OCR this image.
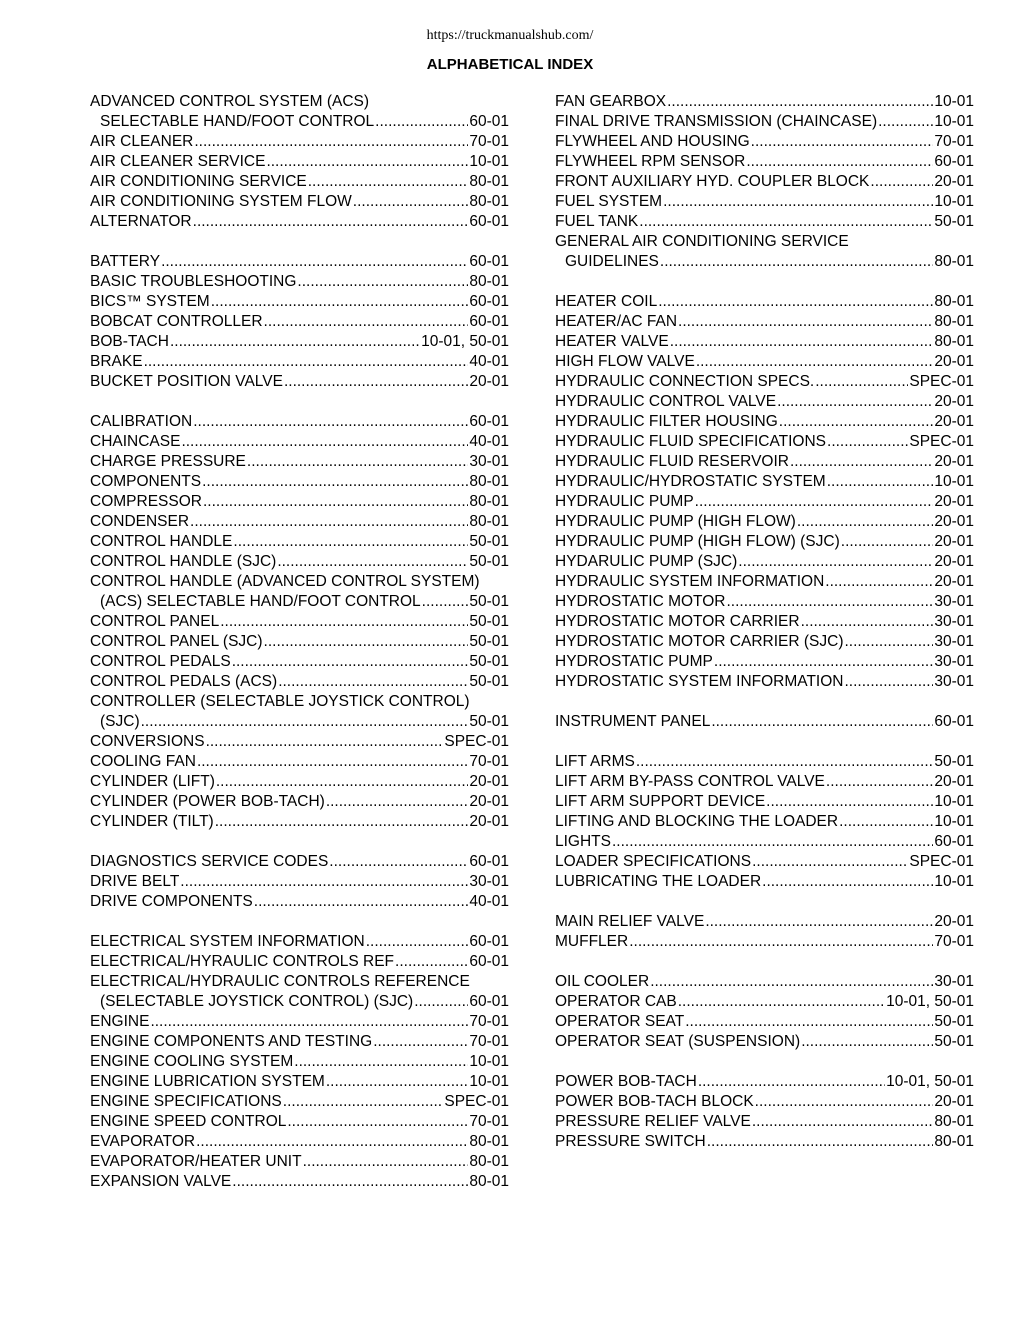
https://truckmanualshub.com/
ALPHABETICAL INDEX
ADVANCED CONTROL SYSTEM (ACS)
SELECTABLE HAND/FOOT CONTROL .....	60-01
AIR CLEANER .....	70-01
AIR CLEANER SERVICE .....	10-01
AIR CONDITIONING SERVICE .....	80-01
AIR CONDITIONING SYSTEM FLOW .....	80-01
ALTERNATOR .....	60-01
BATTERY .....	60-01
BASIC TROUBLESHOOTING .....	80-01
BICS™ SYSTEM .....	60-01
BOBCAT CONTROLLER .....	60-01
BOB-TACH .....	10-01, 50-01
BRAKE .....	40-01
BUCKET POSITION VALVE .....	20-01
CALIBRATION .....	60-01
CHAINCASE .....	40-01
CHARGE PRESSURE .....	30-01
COMPONENTS .....	80-01
COMPRESSOR .....	80-01
CONDENSER .....	80-01
CONTROL HANDLE .....	50-01
CONTROL HANDLE (SJC) .....	50-01
CONTROL HANDLE (ADVANCED CONTROL SYSTEM)
(ACS) SELECTABLE HAND/FOOT CONTROL .....	50-01
CONTROL PANEL .....	50-01
CONTROL PANEL (SJC) .....	50-01
CONTROL PEDALS .....	50-01
CONTROL PEDALS (ACS) .....	50-01
CONTROLLER (SELECTABLE JOYSTICK CONTROL)
(SJC) .....	50-01
CONVERSIONS .....	SPEC-01
COOLING FAN .....	70-01
CYLINDER (LIFT) .....	20-01
CYLINDER (POWER BOB-TACH) .....	20-01
CYLINDER (TILT) .....	20-01
DIAGNOSTICS SERVICE CODES .....	60-01
DRIVE BELT .....	30-01
DRIVE COMPONENTS .....	40-01
ELECTRICAL SYSTEM INFORMATION .....	60-01
ELECTRICAL/HYRAULIC CONTROLS REF .....	60-01
ELECTRICAL/HYDRAULIC CONTROLS REFERENCE
(SELECTABLE JOYSTICK CONTROL) (SJC) .....	60-01
ENGINE .....	70-01
ENGINE COMPONENTS AND TESTING .....	70-01
ENGINE COOLING SYSTEM .....	10-01
ENGINE LUBRICATION SYSTEM .....	10-01
ENGINE SPECIFICATIONS .....	SPEC-01
ENGINE SPEED CONTROL .....	70-01
EVAPORATOR .....	80-01
EVAPORATOR/HEATER UNIT .....	80-01
EXPANSION VALVE .....	80-01
FAN GEARBOX .....	10-01
FINAL DRIVE TRANSMISSION (CHAINCASE) .....	10-01
FLYWHEEL AND HOUSING .....	70-01
FLYWHEEL RPM SENSOR .....	60-01
FRONT AUXILIARY HYD. COUPLER BLOCK .....	20-01
FUEL SYSTEM .....	10-01
FUEL TANK .....	50-01
GENERAL AIR CONDITIONING SERVICE
GUIDELINES .....	80-01
HEATER COIL .....	80-01
HEATER/AC FAN .....	80-01
HEATER VALVE .....	80-01
HIGH FLOW VALVE .....	20-01
HYDRAULIC CONNECTION SPECS. .....	SPEC-01
HYDRAULIC CONTROL VALVE .....	20-01
HYDRAULIC FILTER HOUSING .....	20-01
HYDRAULIC FLUID SPECIFICATIONS .....	SPEC-01
HYDRAULIC FLUID RESERVOIR .....	20-01
HYDRAULIC/HYDROSTATIC SYSTEM .....	10-01
HYDRAULIC PUMP .....	20-01
HYDRAULIC PUMP (HIGH FLOW) .....	20-01
HYDRAULIC PUMP (HIGH FLOW) (SJC) .....	20-01
HYDARULIC PUMP (SJC) .....	20-01
HYDRAULIC SYSTEM INFORMATION .....	20-01
HYDROSTATIC MOTOR .....	30-01
HYDROSTATIC MOTOR CARRIER .....	30-01
HYDROSTATIC MOTOR CARRIER (SJC) .....	30-01
HYDROSTATIC PUMP .....	30-01
HYDROSTATIC SYSTEM INFORMATION .....	30-01
INSTRUMENT PANEL .....	60-01
LIFT ARMS .....	50-01
LIFT ARM BY-PASS CONTROL VALVE .....	20-01
LIFT ARM SUPPORT DEVICE .....	10-01
LIFTING AND BLOCKING THE LOADER .....	10-01
LIGHTS .....	60-01
LOADER SPECIFICATIONS .....	SPEC-01
LUBRICATING THE LOADER .....	10-01
MAIN RELIEF VALVE .....	20-01
MUFFLER .....	70-01
OIL COOLER .....	30-01
OPERATOR CAB .....	10-01, 50-01
OPERATOR SEAT .....	50-01
OPERATOR SEAT (SUSPENSION) .....	50-01
POWER BOB-TACH .....	10-01, 50-01
POWER BOB-TACH BLOCK .....	20-01
PRESSURE RELIEF VALVE .....	80-01
PRESSURE SWITCH .....	80-01
